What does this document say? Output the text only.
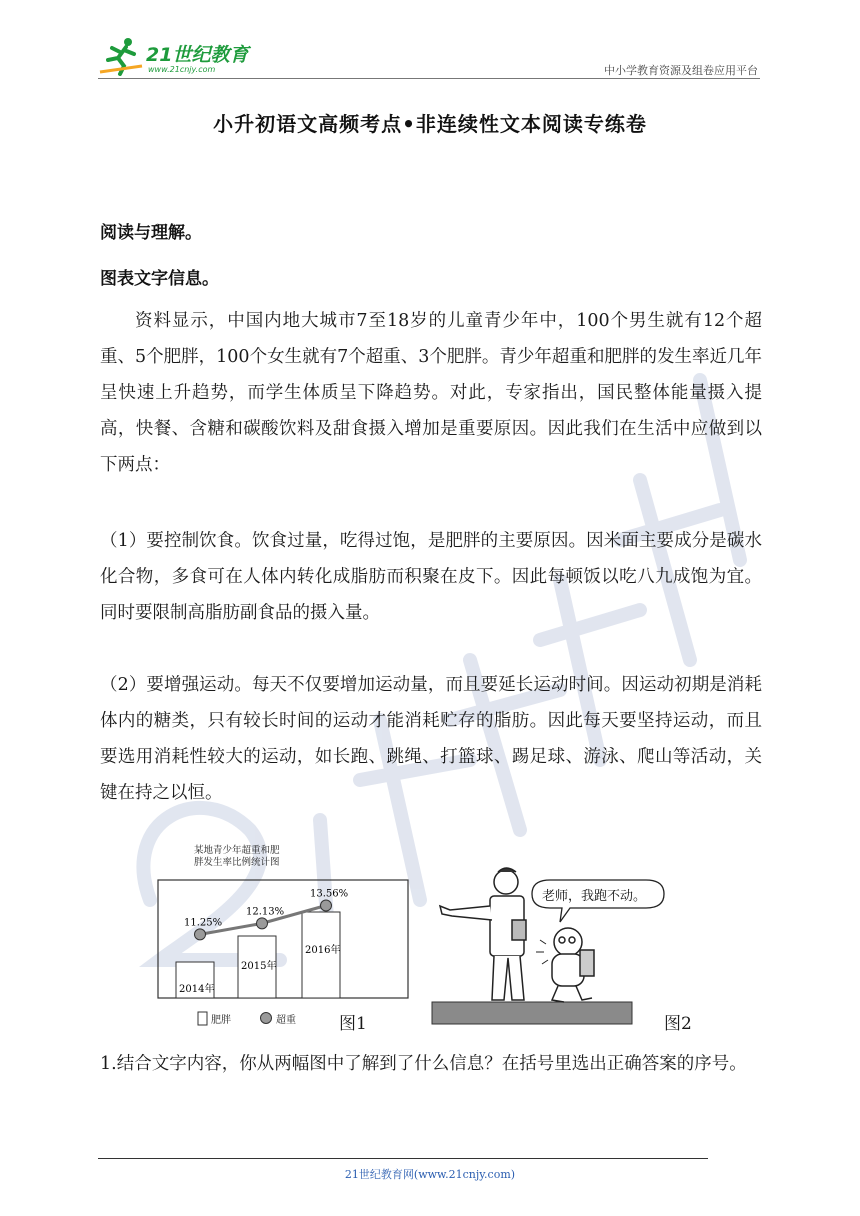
21世纪教育
www.21cnjy.com	中小学教育资源及组卷应用平台
小升初语文高频考点•非连续性文本阅读专练卷
阅读与理解。
图表文字信息。
资料显示，中国内地大城市7至18岁的儿童青少年中，100个男生就有12个超重、5个肥胖，100个女生就有7个超重、3个肥胖。青少年超重和肥胖的发生率近几年呈快速上升趋势，而学生体质呈下降趋势。对此，专家指出，国民整体能量摄入提高，快餐、含糖和碳酸饮料及甜食摄入增加是重要原因。因此我们在生活中应做到以下两点：
（1）要控制饮食。饮食过量，吃得过饱，是肥胖的主要原因。因米面主要成分是碳水化合物，多食可在人体内转化成脂肪而积聚在皮下。因此每顿饭以吃八九成饱为宜。同时要限制高脂肪副食品的摄入量。
（2）要增强运动。每天不仅要增加运动量，而且要延长运动时间。因运动初期是消耗体内的糖类，只有较长时间的运动才能消耗贮存的脂肪。因此每天要坚持运动，而且要选用消耗性较大的运动，如长跑、跳绳、打篮球、踢足球、游泳、爬山等活动，关键在持之以恒。
某地青少年超重和肥
胖发生率比例统计图
2014年
2015年
2016年
11.25%
12.13%
13.56%
肥胖	超重	图1
老师，我跑不动。
图2
1.结合文字内容，你从两幅图中了解到了什么信息？在括号里选出正确答案的序号。
21世纪教育网(www.21cnjy.com)
